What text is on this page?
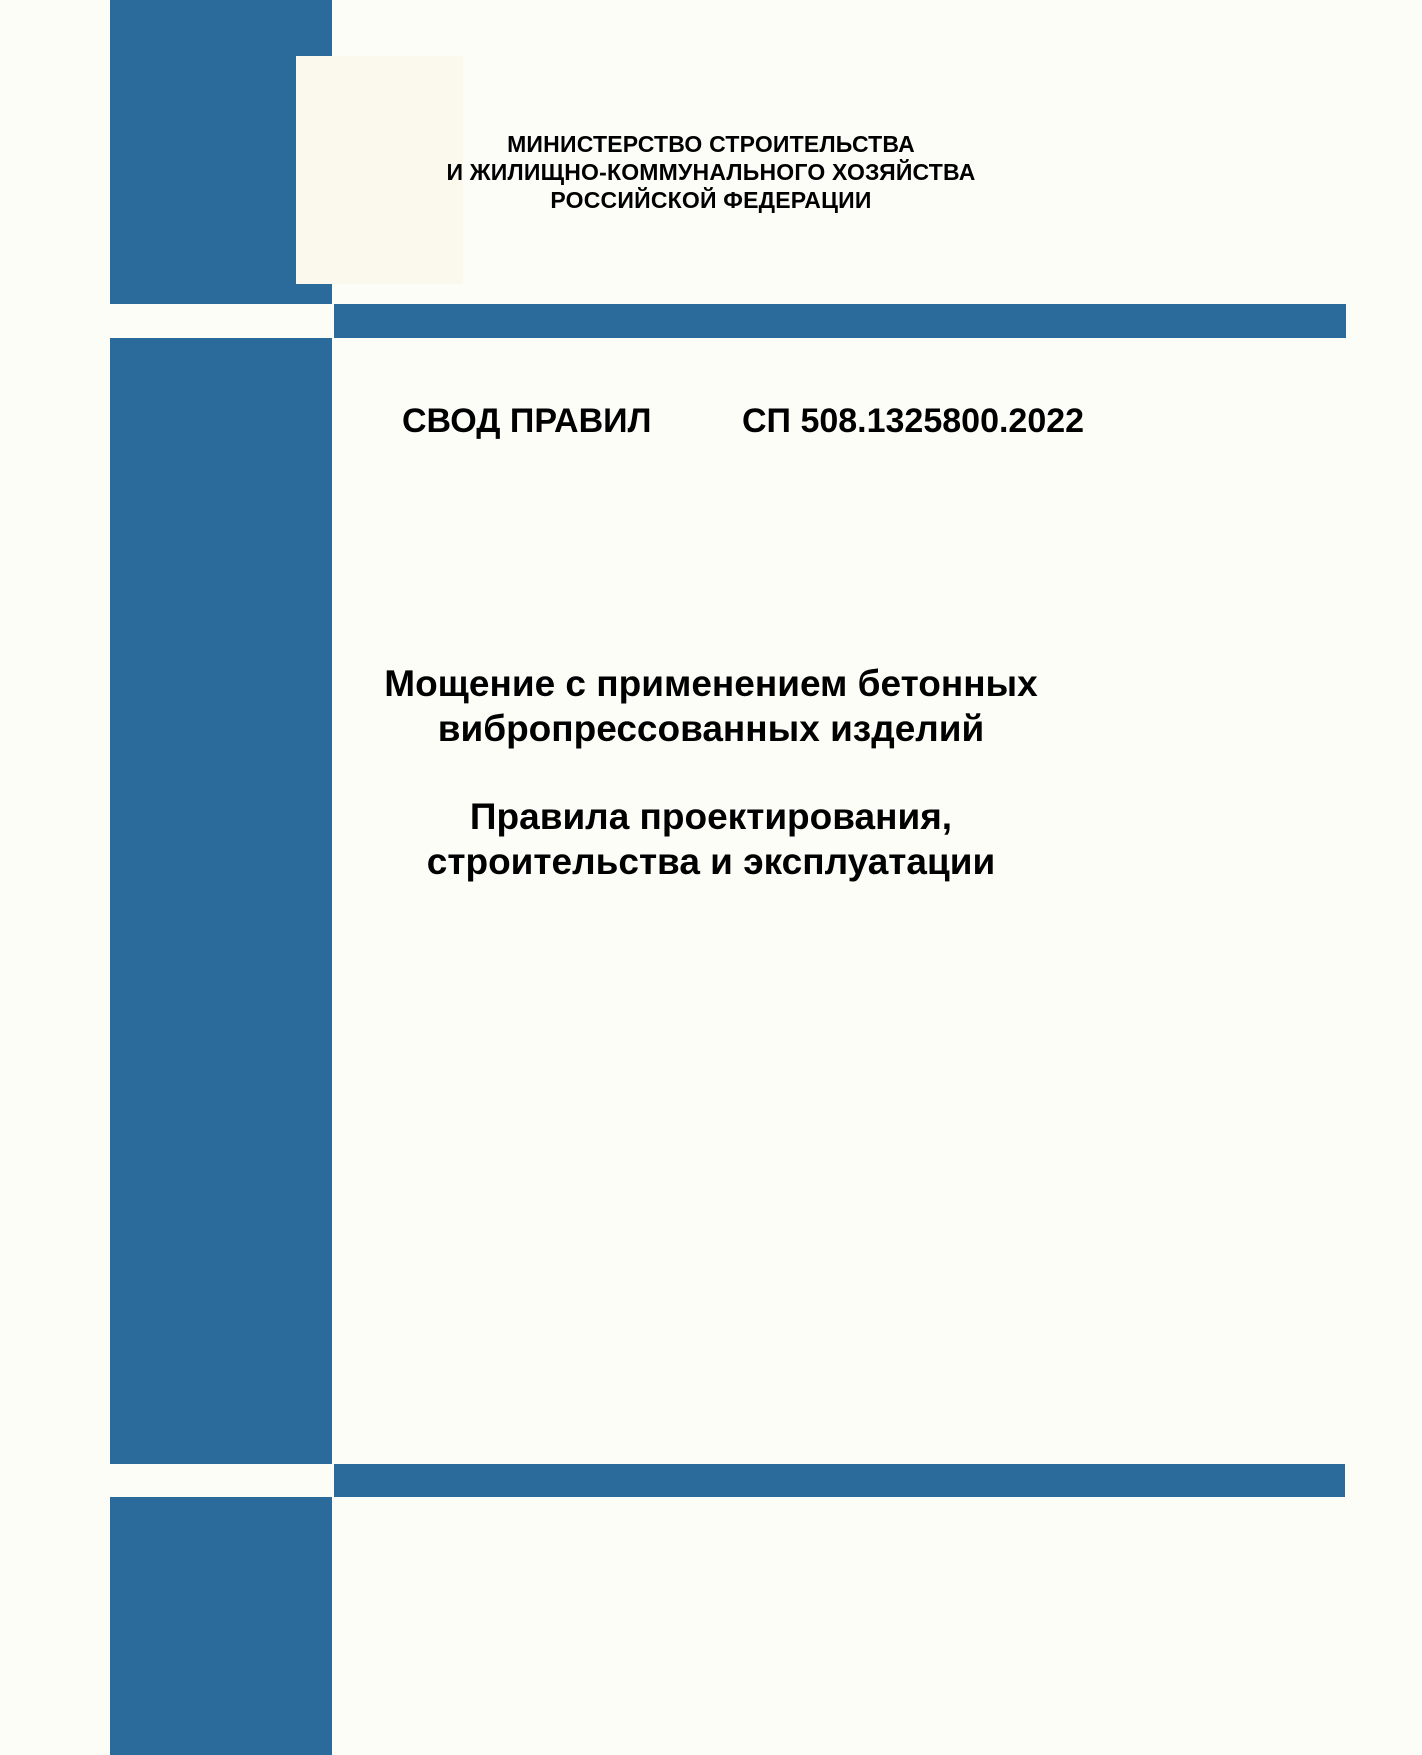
МИНИСТЕРСТВО СТРОИТЕЛЬСТВА
И ЖИЛИЩНО-КОММУНАЛЬНОГО ХОЗЯЙСТВА
РОССИЙСКОЙ ФЕДЕРАЦИИ
СВОД ПРАВИЛ	СП 508.1325800.2022
Мощение с применением бетонных
вибропрессованных изделий
Правила проектирования,
строительства и эксплуатации
